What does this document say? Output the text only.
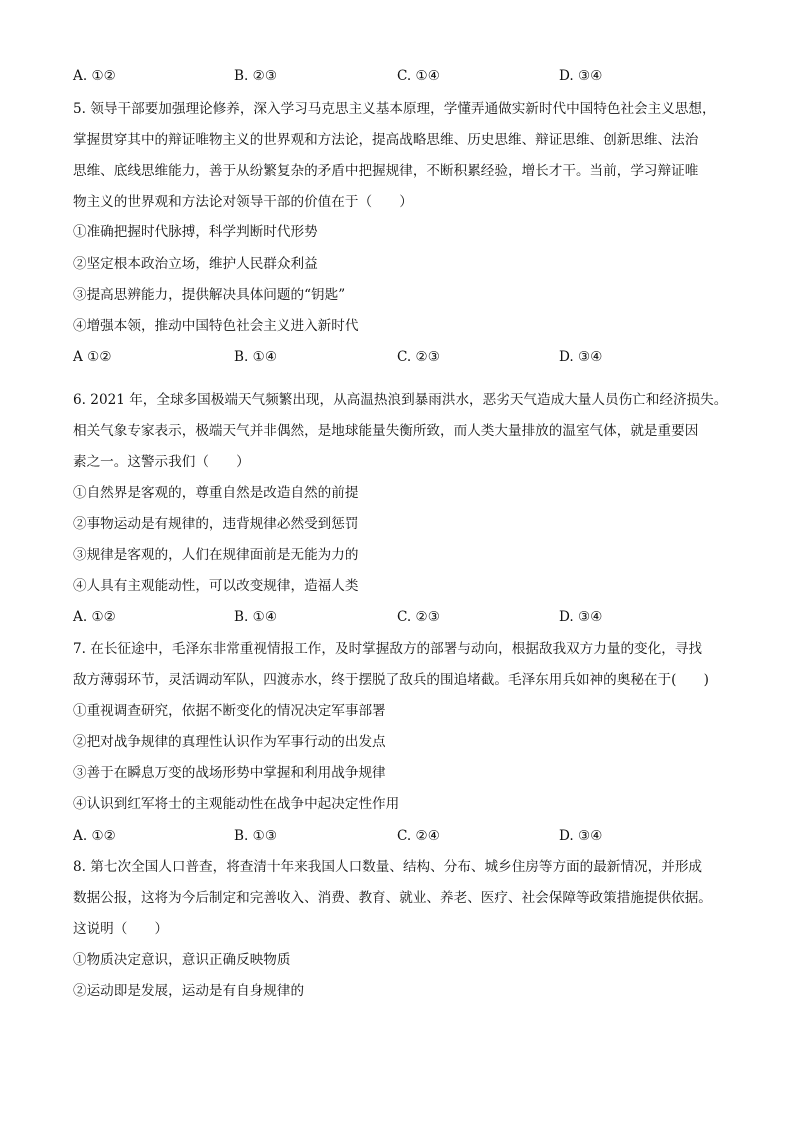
A. ①②	B. ②③	C. ①④	D. ③④
5. 领导干部要加强理论修养，深入学习马克思主义基本原理，学懂弄通做实新时代中国特色社会主义思想，
掌握贯穿其中的辩证唯物主义的世界观和方法论，提高战略思维、历史思维、辩证思维、创新思维、法治
思维、底线思维能力，善于从纷繁复杂的矛盾中把握规律，不断积累经验，增长才干。当前，学习辩证唯
物主义的世界观和方法论对领导干部的价值在于（　　）
①准确把握时代脉搏，科学判断时代形势
②坚定根本政治立场，维护人民群众利益
③提高思辨能力，提供解决具体问题的“钥匙”
④增强本领，推动中国特色社会主义进入新时代
A ①②	B. ①④	C. ②③	D. ③④
6. 2021 年，全球多国极端天气频繁出现，从高温热浪到暴雨洪水，恶劣天气造成大量人员伤亡和经济损失。
相关气象专家表示，极端天气并非偶然，是地球能量失衡所致，而人类大量排放的温室气体，就是重要因
素之一。这警示我们（　　）
①自然界是客观的，尊重自然是改造自然的前提
②事物运动是有规律的，违背规律必然受到惩罚
③规律是客观的，人们在规律面前是无能为力的
④人具有主观能动性，可以改变规律，造福人类
A. ①②	B. ①④	C. ②③	D. ③④
7. 在长征途中，毛泽东非常重视情报工作，及时掌握敌方的部署与动向，根据敌我双方力量的变化，寻找
敌方薄弱环节，灵活调动军队，四渡赤水，终于摆脱了敌兵的围追堵截。毛泽东用兵如神的奥秘在于(　　)
①重视调查研究，依据不断变化的情况决定军事部署
②把对战争规律的真理性认识作为军事行动的出发点
③善于在瞬息万变的战场形势中掌握和利用战争规律
④认识到红军将士的主观能动性在战争中起决定性作用
A. ①②	B. ①③	C. ②④	D. ③④
8. 第七次全国人口普查，将查清十年来我国人口数量、结构、分布、城乡住房等方面的最新情况，并形成
数据公报，这将为今后制定和完善收入、消费、教育、就业、养老、医疗、社会保障等政策措施提供依据。
这说明（　　）
①物质决定意识，意识正确反映物质
②运动即是发展，运动是有自身规律的
